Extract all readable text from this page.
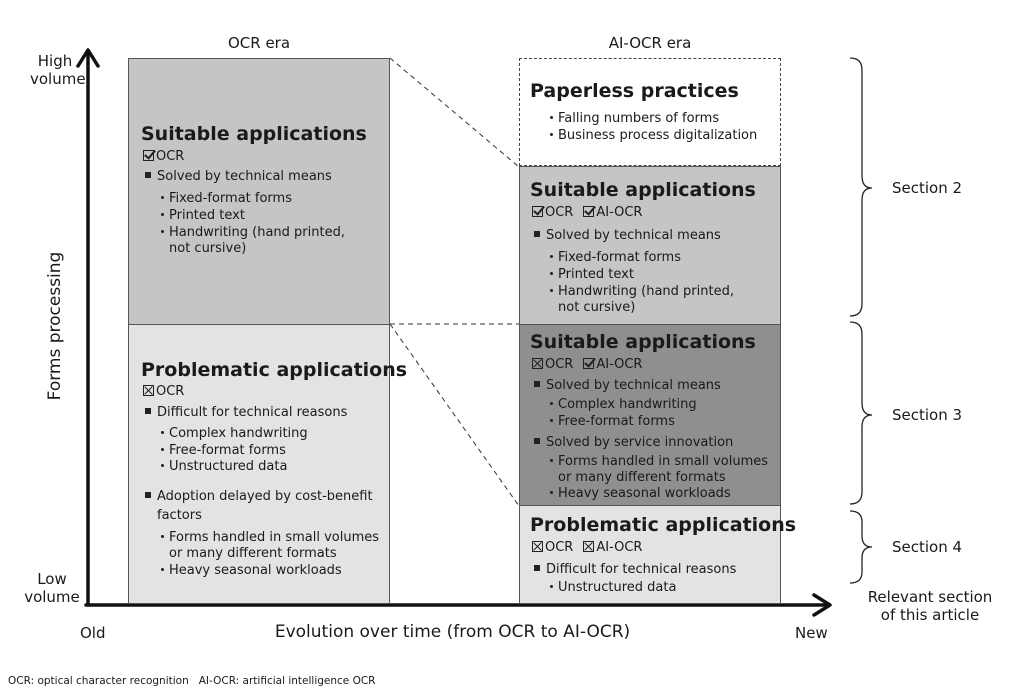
High
volume
Low
volume
Forms processing
Old	New
Evolution over time (from OCR to AI-OCR)
OCR era	AI-OCR era
Suitable applications
OCR
Solved by technical means
Fixed-format forms
Printed text
Handwriting (hand printed,
not cursive)
Problematic applications
OCR
Difficult for technical reasons
Complex handwriting
Free-format forms
Unstructured data
Adoption delayed by cost-benefit
factors
Forms handled in small volumes
or many different formats
Heavy seasonal workloads
Paperless practices
Falling numbers of forms
Business process digitalization
Suitable applications
OCR AI-OCR
Solved by technical means
Fixed-format forms
Printed text
Handwriting (hand printed,
not cursive)
Suitable applications
OCR AI-OCR
Solved by technical means
Complex handwriting
Free-format forms
Solved by service innovation
Forms handled in small volumes
or many different formats
Heavy seasonal workloads
Problematic applications
OCR AI-OCR
Difficult for technical reasons
Unstructured data
Section 2
Section 3
Section 4
Relevant section
of this article
OCR: optical character recognition   AI-OCR: artificial intelligence OCR
